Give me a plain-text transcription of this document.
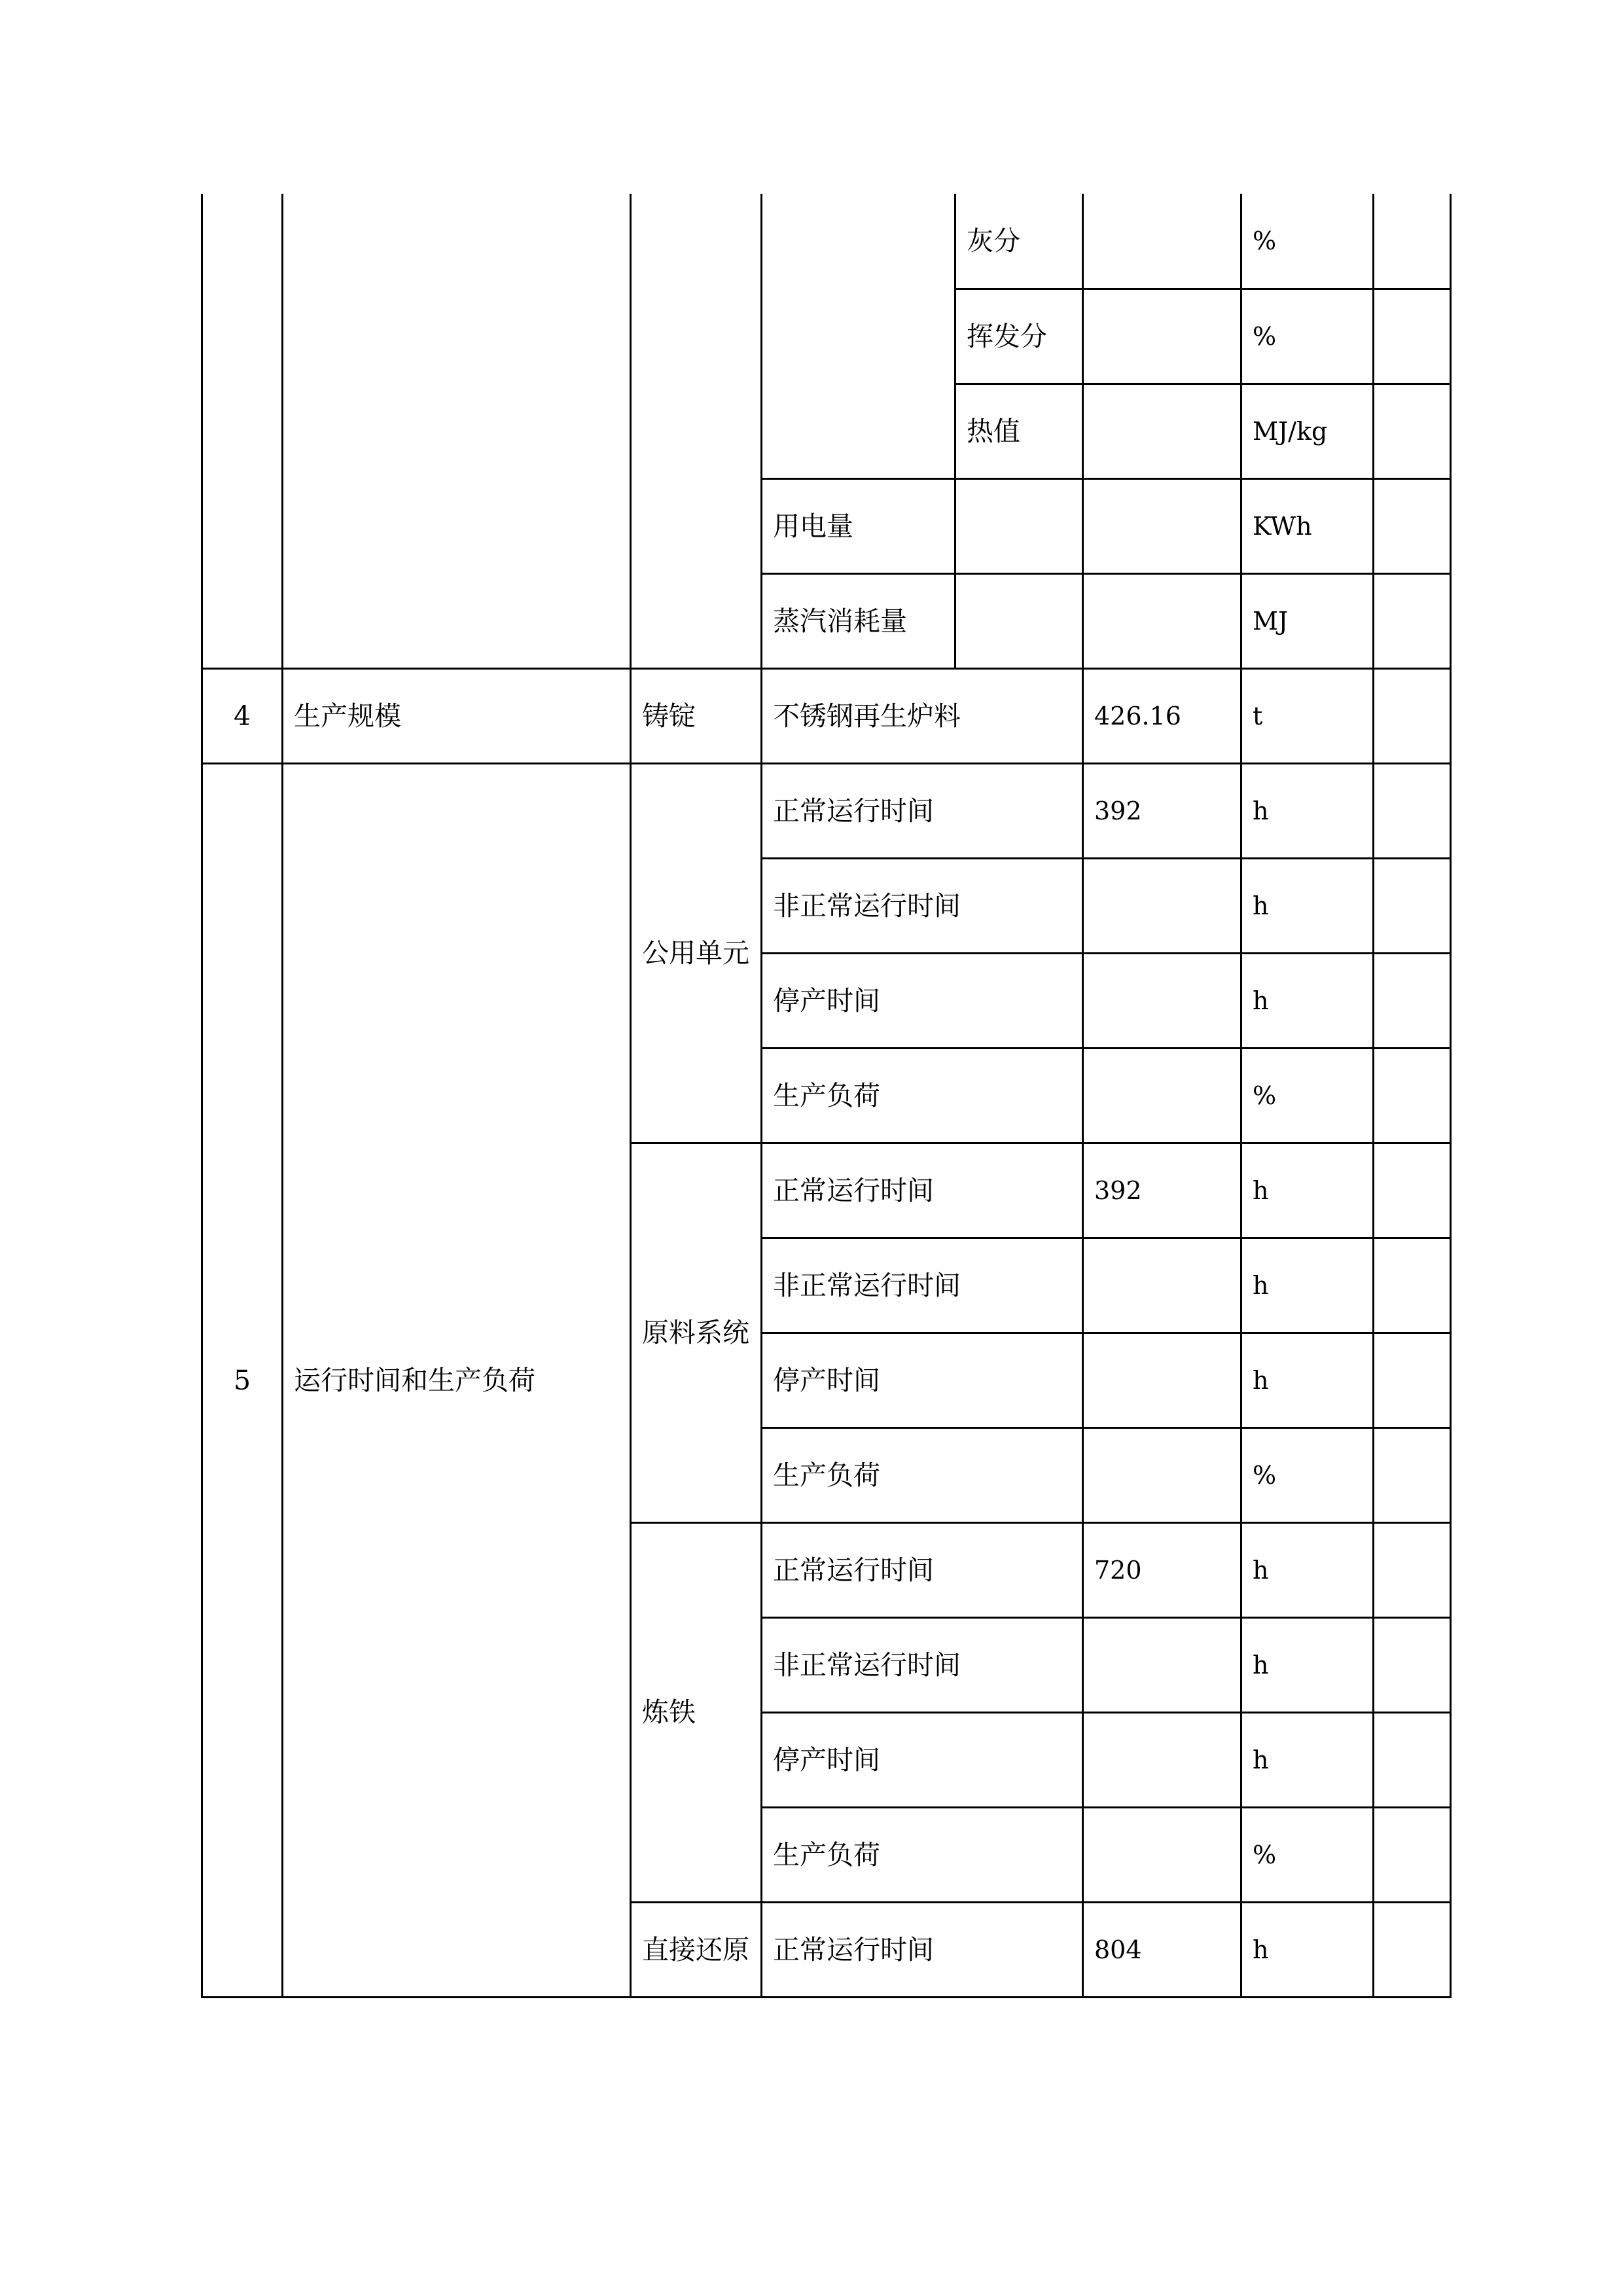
				灰分		%	
				挥发分		%	
				热值		MJ/kg	
			用电量			KWh	
			蒸汽消耗量			MJ	
4	生产规模	铸锭	不锈钢再生炉料		426.16	t	
5	运行时间和生产负荷	公用单元	正常运行时间		392	h	
			非正常运行时间			h	
			停产时间			h	
			生产负荷			%	
		原料系统	正常运行时间		392	h	
			非正常运行时间			h	
			停产时间			h	
			生产负荷			%	
		炼铁	正常运行时间		720	h	
			非正常运行时间			h	
			停产时间			h	
			生产负荷			%	
		直接还原	正常运行时间		804	h	
